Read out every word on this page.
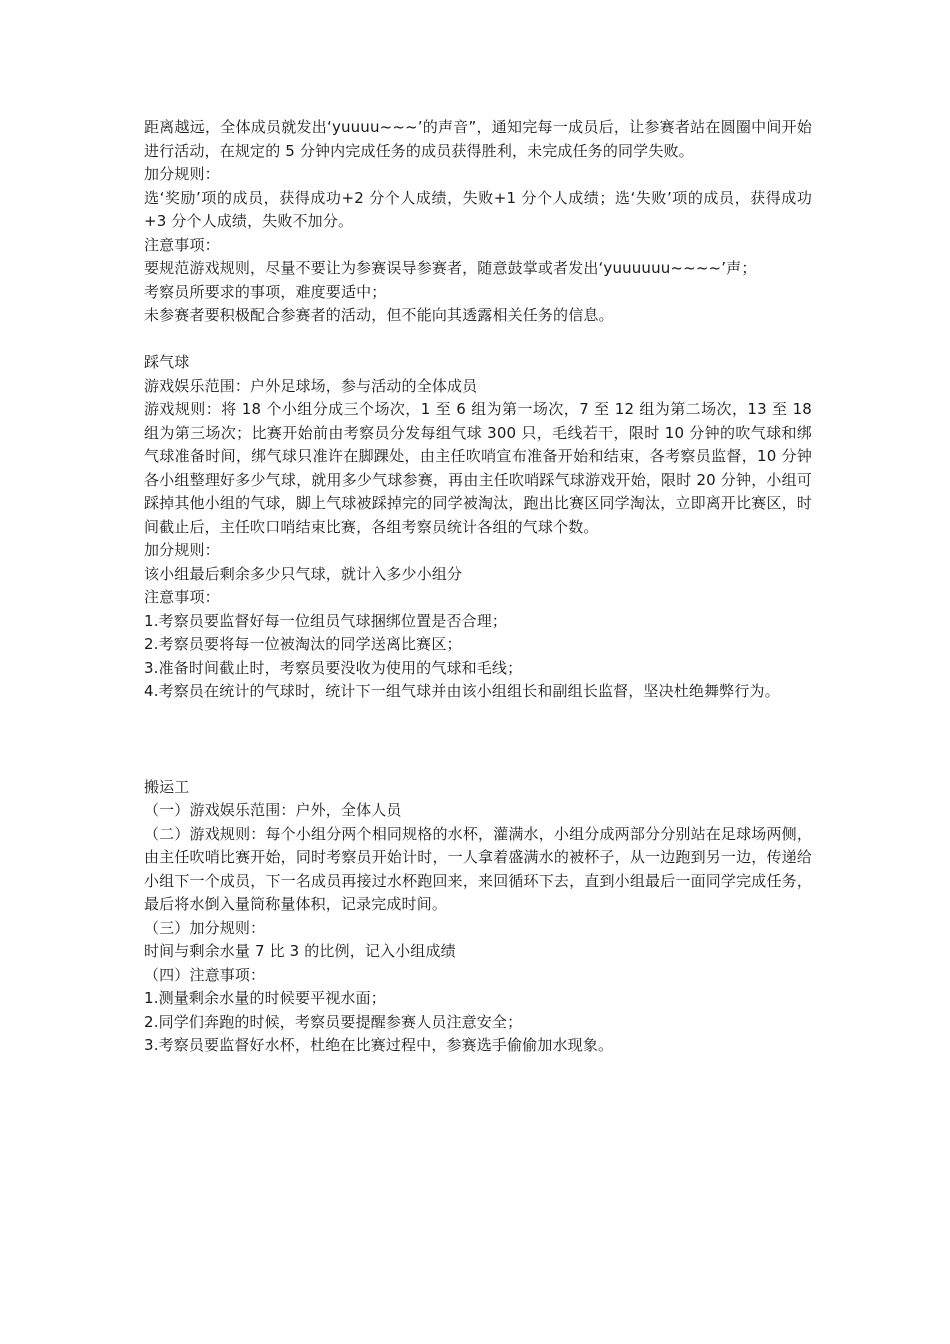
距离越远，全体成员就发出‘yuuuu~~~’的声音”，通知完每一成员后，让参赛者站在圆圈中间开始进行活动，在规定的 5 分钟内完成任务的成员获得胜利，未完成任务的同学失败。
加分规则：
选‘奖励’项的成员，获得成功+2 分个人成绩，失败+1 分个人成绩；选‘失败’项的成员，获得成功+3 分个人成绩，失败不加分。
注意事项：
要规范游戏规则，尽量不要让为参赛误导参赛者，随意鼓掌或者发出‘yuuuuuu~~~~’声；
考察员所要求的事项，难度要适中；
未参赛者要积极配合参赛者的活动，但不能向其透露相关任务的信息。
踩气球
游戏娱乐范围：户外足球场，参与活动的全体成员
游戏规则：将 18 个小组分成三个场次，1 至 6 组为第一场次，7 至 12 组为第二场次，13 至 18 组为第三场次；比赛开始前由考察员分发每组气球 300 只，毛线若干，限时 10 分钟的吹气球和绑气球准备时间，绑气球只准许在脚踝处，由主任吹哨宣布准备开始和结束，各考察员监督，10 分钟各小组整理好多少气球，就用多少气球参赛，再由主任吹哨踩气球游戏开始，限时 20 分钟，小组可踩掉其他小组的气球，脚上气球被踩掉完的同学被淘汰，跑出比赛区同学淘汰，立即离开比赛区，时间截止后，主任吹口哨结束比赛，各组考察员统计各组的气球个数。
加分规则：
该小组最后剩余多少只气球，就计入多少小组分
注意事项：
1.考察员要监督好每一位组员气球捆绑位置是否合理；
2.考察员要将每一位被淘汰的同学送离比赛区；
3.准备时间截止时，考察员要没收为使用的气球和毛线；
4.考察员在统计的气球时，统计下一组气球并由该小组组长和副组长监督，坚决杜绝舞弊行为。
搬运工
（一）游戏娱乐范围：户外，全体人员
（二）游戏规则：每个小组分两个相同规格的水杯，灌满水，小组分成两部分分别站在足球场两侧，由主任吹哨比赛开始，同时考察员开始计时，一人拿着盛满水的被杯子，从一边跑到另一边，传递给小组下一个成员，下一名成员再接过水杯跑回来，来回循环下去，直到小组最后一面同学完成任务，最后将水倒入量筒称量体积，记录完成时间。
（三）加分规则：
时间与剩余水量 7 比 3 的比例，记入小组成绩
（四）注意事项：
1.测量剩余水量的时候要平视水面；
2.同学们奔跑的时候，考察员要提醒参赛人员注意安全；
3.考察员要监督好水杯，杜绝在比赛过程中，参赛选手偷偷加水现象。
